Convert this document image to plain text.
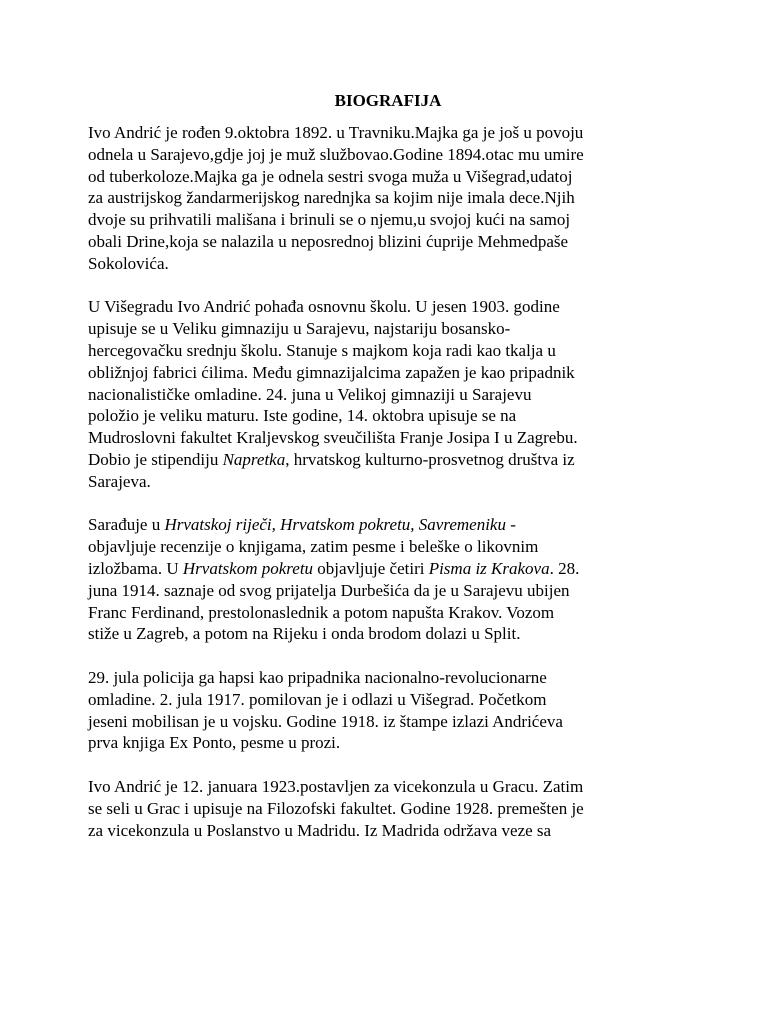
BIOGRAFIJA
Ivo Andrić je rođen 9.oktobra 1892. u Travniku.Majka ga je još u povoju
odnela u Sarajevo,gdje joj je muž službovao.Godine 1894.otac mu umire
od tuberkoloze.Majka ga je odnela sestri svoga muža u Višegrad,udatoj
za austrijskog žandarmerijskog narednjka sa kojim nije imala dece.Njih
dvoje su prihvatili mališana i brinuli se o njemu,u svojoj kući na samoj
obali Drine,koja se nalazila u neposrednoj blizini ćuprije Mehmedpaše
Sokolovića.
U Višegradu Ivo Andrić pohađa osnovnu školu. U jesen 1903. godine
upisuje se u Veliku gimnaziju u Sarajevu, najstariju bosansko-
hercegovačku srednju školu. Stanuje s majkom koja radi kao tkalja u
obližnjoj fabrici ćilima. Među gimnazijalcima zapažen je kao pripadnik
nacionalističke omladine. 24. juna u Velikoj gimnaziji u Sarajevu
položio je veliku maturu. Iste godine, 14. oktobra upisuje se na
Mudroslovni fakultet Kraljevskog sveučilišta Franje Josipa I u Zagrebu.
Dobio je stipendiju Napretka, hrvatskog kulturno-prosvetnog društva iz
Sarajeva.
Sarađuje u Hrvatskoj riječi, Hrvatskom pokretu, Savremeniku -
objavljuje recenzije o knjigama, zatim pesme i beleške o likovnim
izložbama. U Hrvatskom pokretu objavljuje četiri Pisma iz Krakova. 28.
juna 1914. saznaje od svog prijatelja Durbešića da je u Sarajevu ubijen
Franc Ferdinand, prestolonaslednik a potom napušta Krakov. Vozom
stiže u Zagreb, a potom na Rijeku i onda brodom dolazi u Split.
29. jula policija ga hapsi kao pripadnika nacionalno-revolucionarne
omladine. 2. jula 1917. pomilovan je i odlazi u Višegrad. Početkom
jeseni mobilisan je u vojsku. Godine 1918. iz štampe izlazi Andrićeva
prva knjiga Ex Ponto, pesme u prozi.
Ivo Andrić je 12. januara 1923.postavljen za vicekonzula u Gracu. Zatim
se seli u Grac i upisuje na Filozofski fakultet. Godine 1928. premešten je
za vicekonzula u Poslanstvo u Madridu. Iz Madrida održava veze sa
